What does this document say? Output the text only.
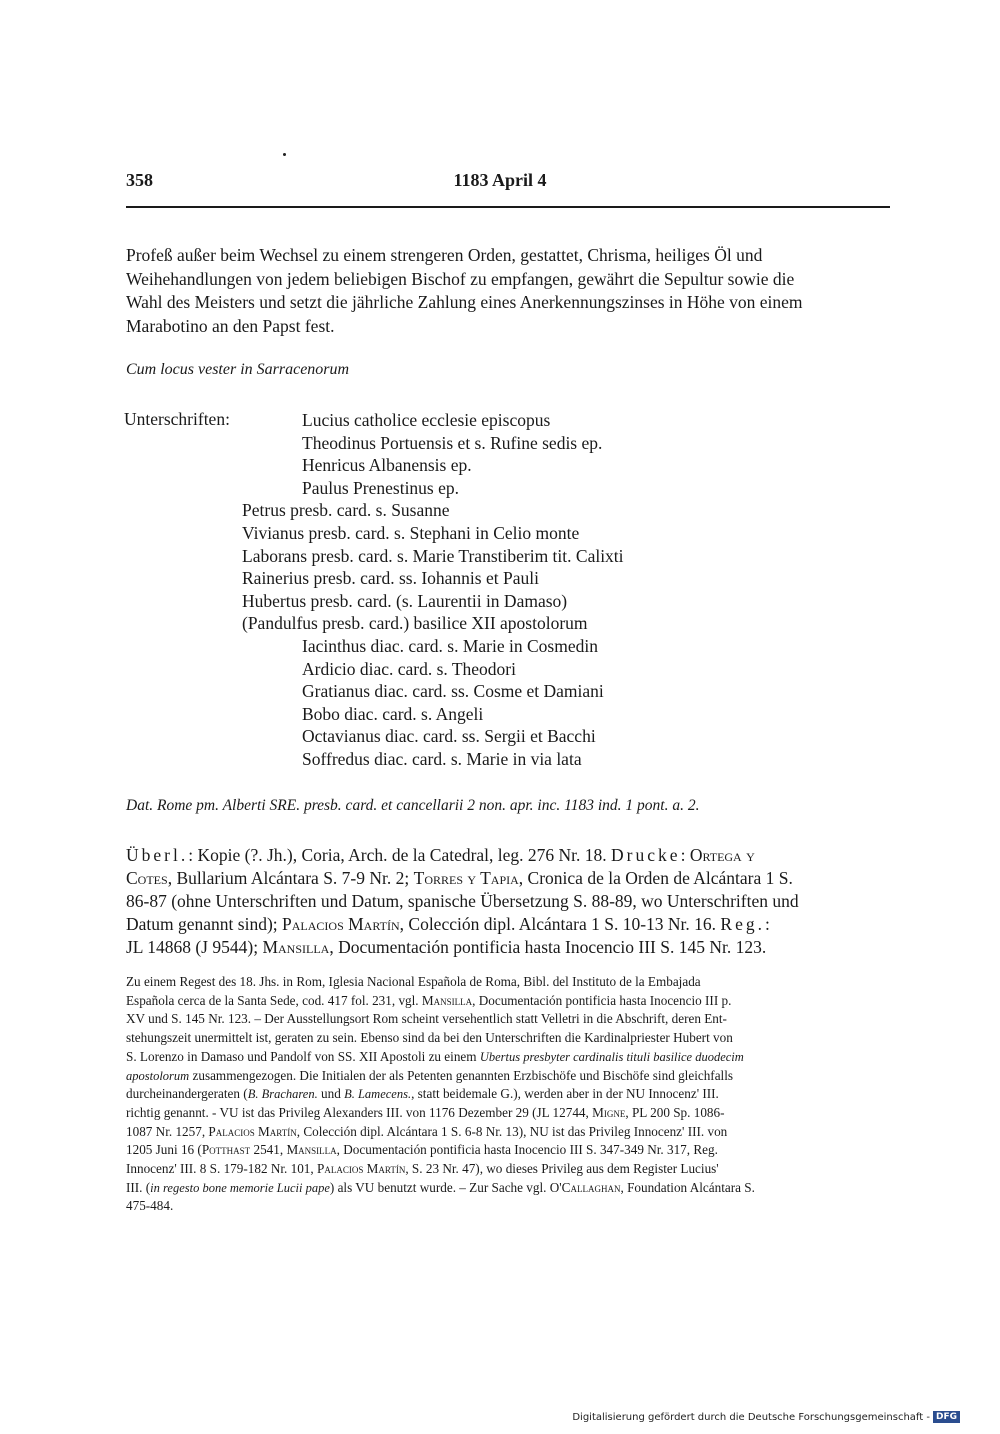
358	1183 April 4
Profeß außer beim Wechsel zu einem strengeren Orden, gestattet, Chrisma, heiliges Öl und
Weihehandlungen von jedem beliebigen Bischof zu empfangen, gewährt die Sepultur sowie die
Wahl des Meisters und setzt die jährliche Zahlung eines Anerkennungszinses in Höhe von einem
Marabotino an den Papst fest.
Cum locus vester in Sarracenorum
Unterschriften:	Lucius catholice ecclesie episcopus
Theodinus Portuensis et s. Rufine sedis ep.
Henricus Albanensis ep.
Paulus Prenestinus ep.
Petrus presb. card. s. Susanne
Vivianus presb. card. s. Stephani in Celio monte
Laborans presb. card. s. Marie Transtiberim tit. Calixti
Rainerius presb. card. ss. Iohannis et Pauli
Hubertus presb. card. (s. Laurentii in Damaso)
(Pandulfus presb. card.) basilice XII apostolorum
Iacinthus diac. card. s. Marie in Cosmedin
Ardicio diac. card. s. Theodori
Gratianus diac. card. ss. Cosme et Damiani
Bobo diac. card. s. Angeli
Octavianus diac. card. ss. Sergii et Bacchi
Soffredus diac. card. s. Marie in via lata
Dat. Rome pm. Alberti SRE. presb. card. et cancellarii 2 non. apr. inc. 1183 ind. 1 pont. a. 2.
Überl.: Kopie (?. Jh.), Coria, Arch. de la Catedral, leg. 276 Nr. 18. Drucke: Ortega y
Cotes, Bullarium Alcántara S. 7-9 Nr. 2; Torres y Tapia, Cronica de la Orden de Alcántara 1 S.
86-87 (ohne Unterschriften und Datum, spanische Übersetzung S. 88-89, wo Unterschriften und
Datum genannt sind); Palacios Martín, Colección dipl. Alcántara 1 S. 10-13 Nr. 16. Reg.:
JL 14868 (J 9544); Mansilla, Documentación pontificia hasta Inocencio III S. 145 Nr. 123.
Zu einem Regest des 18. Jhs. in Rom, Iglesia Nacional Española de Roma, Bibl. del Instituto de la Embajada
Española cerca de la Santa Sede, cod. 417 fol. 231, vgl. Mansilla, Documentación pontificia hasta Inocencio III p.
XV und S. 145 Nr. 123. – Der Ausstellungsort Rom scheint versehentlich statt Velletri in die Abschrift, deren Ent-
stehungszeit unermittelt ist, geraten zu sein. Ebenso sind da bei den Unterschriften die Kardinalpriester Hubert von
S. Lorenzo in Damaso und Pandolf von SS. XII Apostoli zu einem Ubertus presbyter cardinalis tituli basilice duodecim
apostolorum zusammengezogen. Die Initialen der als Petenten genannten Erzbischöfe und Bischöfe sind gleichfalls
durcheinandergeraten (B. Bracharen. und B. Lamecens., statt beidemale G.), werden aber in der NU Innocenz' III.
richtig genannt. - VU ist das Privileg Alexanders III. von 1176 Dezember 29 (JL 12744, Migne, PL 200 Sp. 1086-
1087 Nr. 1257, Palacios Martín, Colección dipl. Alcántara 1 S. 6-8 Nr. 13), NU ist das Privileg Innocenz' III. von
1205 Juni 16 (Potthast 2541, Mansilla, Documentación pontificia hasta Inocencio III S. 347-349 Nr. 317, Reg.
Innocenz' III. 8 S. 179-182 Nr. 101, Palacios Martín, S. 23 Nr. 47), wo dieses Privileg aus dem Register Lucius'
III. (in regesto bone memorie Lucii pape) als VU benutzt wurde. – Zur Sache vgl. O'Callaghan, Foundation Alcántara S.
475-484.
Digitalisierung gefördert durch die Deutsche Forschungsgemeinschaft - DFG
